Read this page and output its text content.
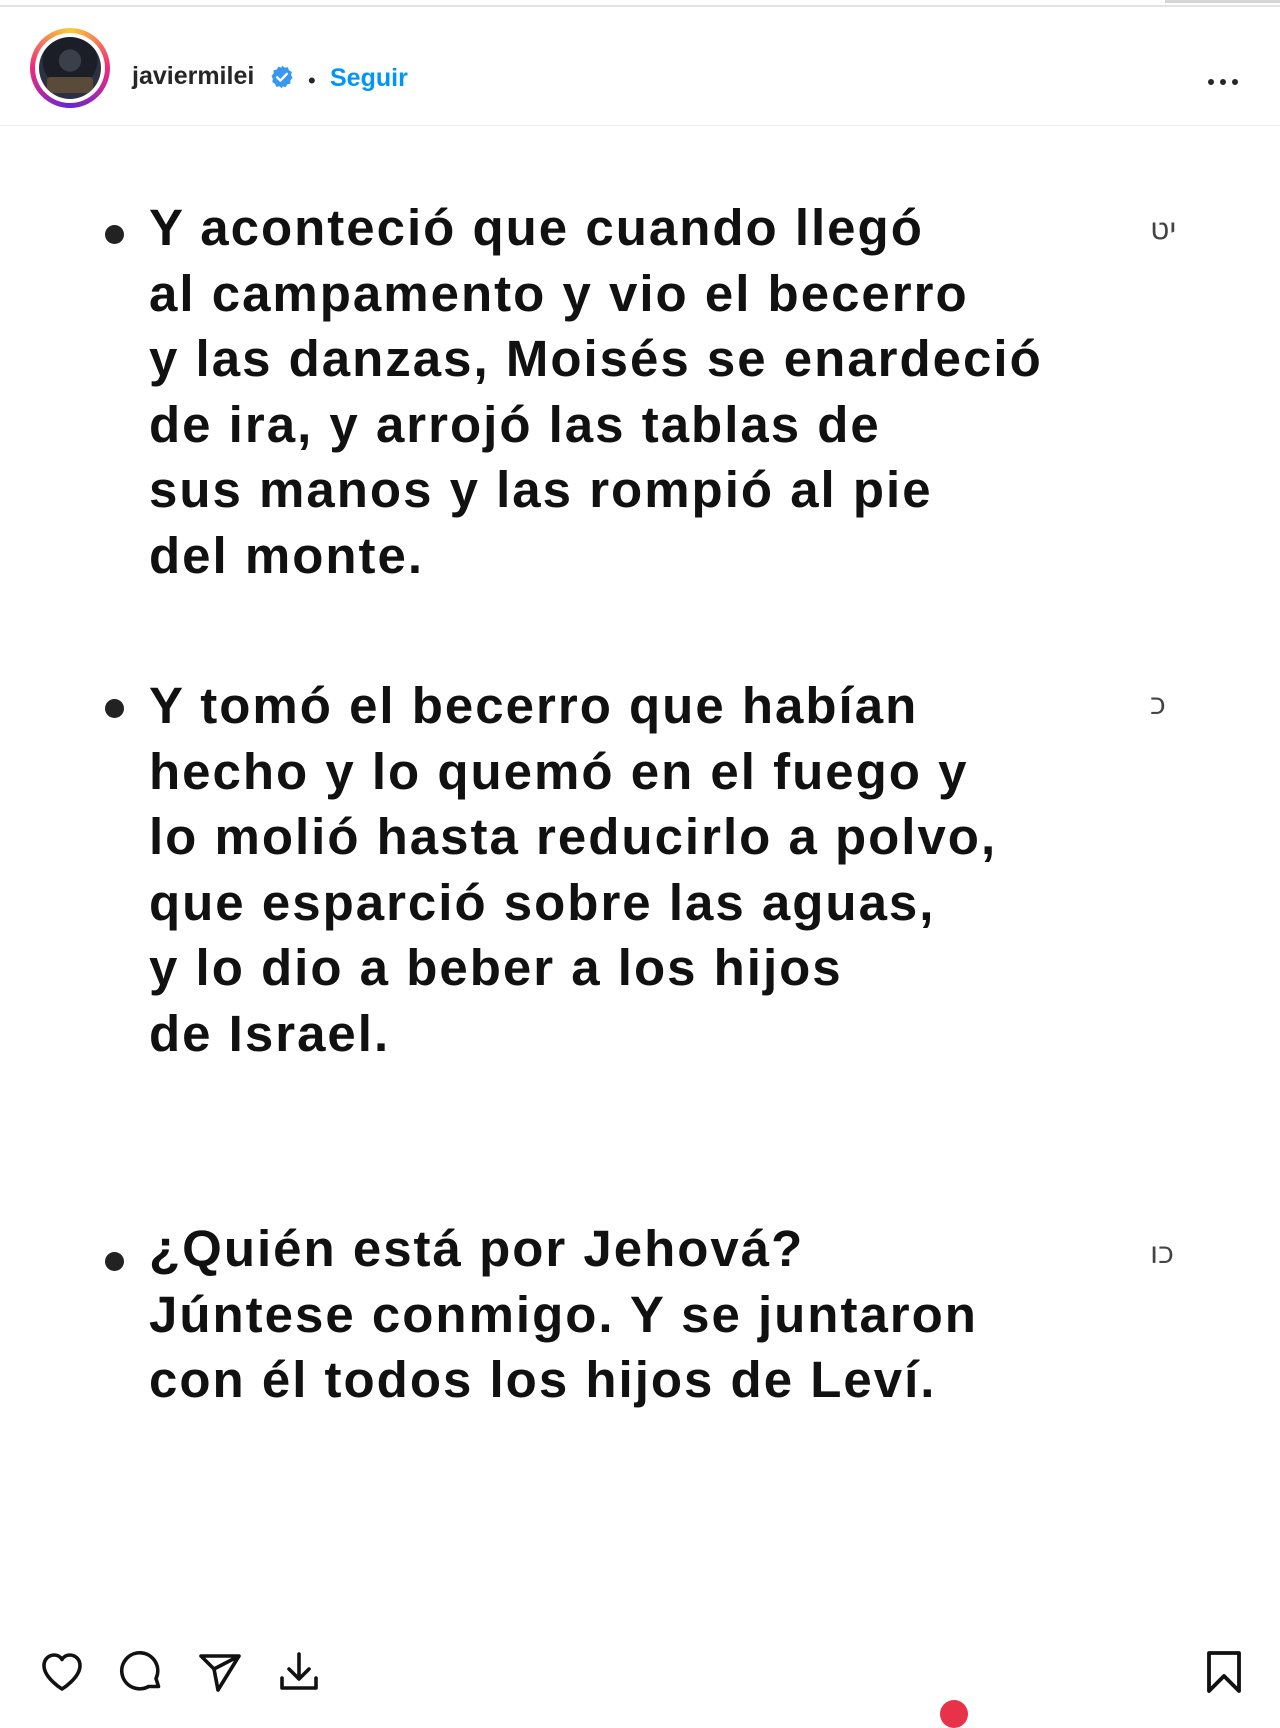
javiermilei • Seguir
Y aconteció que cuando llegó
al campamento y vio el becerro
y las danzas, Moisés se enardeció
de ira, y arrojó las tablas de
sus manos y las rompió al pie
del monte.
יט
Y tomó el becerro que habían
hecho y lo quemó en el fuego y
lo molió hasta reducirlo a polvo,
que esparció sobre las aguas,
y lo dio a beber a los hijos
de Israel.
כ
¿Quién está por Jehová?
Júntese conmigo. Y se juntaron
con él todos los hijos de Leví.
כו
